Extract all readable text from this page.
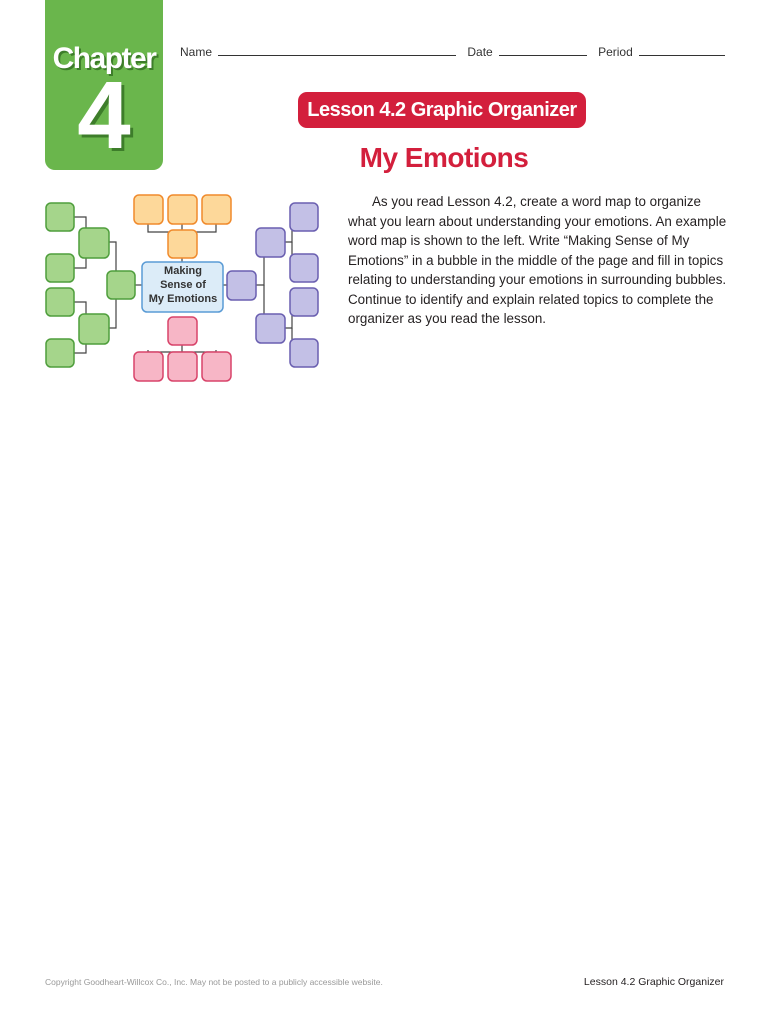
Chapter
4
Name	Date	Period
Lesson 4.2 Graphic Organizer
My Emotions

As you read Lesson 4.2, create a word map to organize what you learn about understanding your emotions. An example word map is shown to the left. Write “Making Sense of My Emotions” in a bubble in the middle of the page and fill in topics relating to understanding your emotions in surrounding bubbles. Continue to identify and explain related topics to complete the organizer as you read the lesson.

Making
Sense of
My Emotions
Copyright Goodheart-Willcox Co., Inc. May not be posted to a publicly accessible website.	Lesson 4.2 Graphic Organizer
